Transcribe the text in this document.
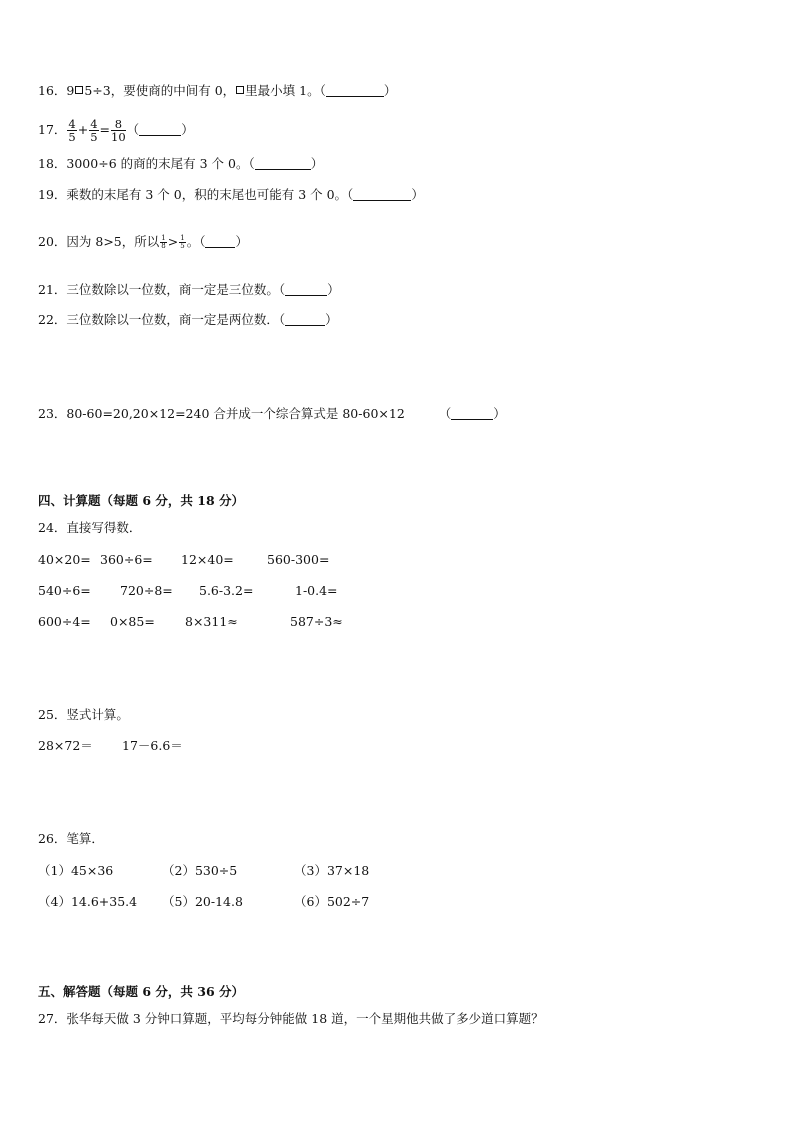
16．9 5÷3，要使商的中间有 0， 里最小填 1。（	）
17． $\frac{4}{5} + \frac{4}{5} = \frac{8}{10}$ （	）
18．3000÷6 的商的末尾有 3 个 0。（	）
19．乘数的末尾有 3 个 0，积的末尾也可能有 3 个 0。（	）
20．因为 8>5，所以 $\frac{1}{8} > \frac{1}{5}$ 。（ ）
21．三位数除以一位数，商一定是三位数。（	）
22．三位数除以一位数，商一定是两位数．（	）
23．80-60=20,20×12=240 合并成一个综合算式是 80-60×12	（	）
四、计算题（每题 6 分，共 18 分）
24．直接写得数．
40×20= 360÷6= 12×40=	560-300=
540÷6= 720÷8= 5.6-3.2=	1-0.4=
600÷4= 0×85= 8×311≈	587÷3≈
25．竖式计算。
28×72＝ 17－6.6＝
26．笔算．
（1）45×36	（2）530÷5	（3）37×18
（4）14.6+35.4 （5）20-14.8	（6）502÷7
五、解答题（每题 6 分，共 36 分）
27．张华每天做 3 分钟口算题，平均每分钟能做 18 道，一个星期他共做了多少道口算题？
